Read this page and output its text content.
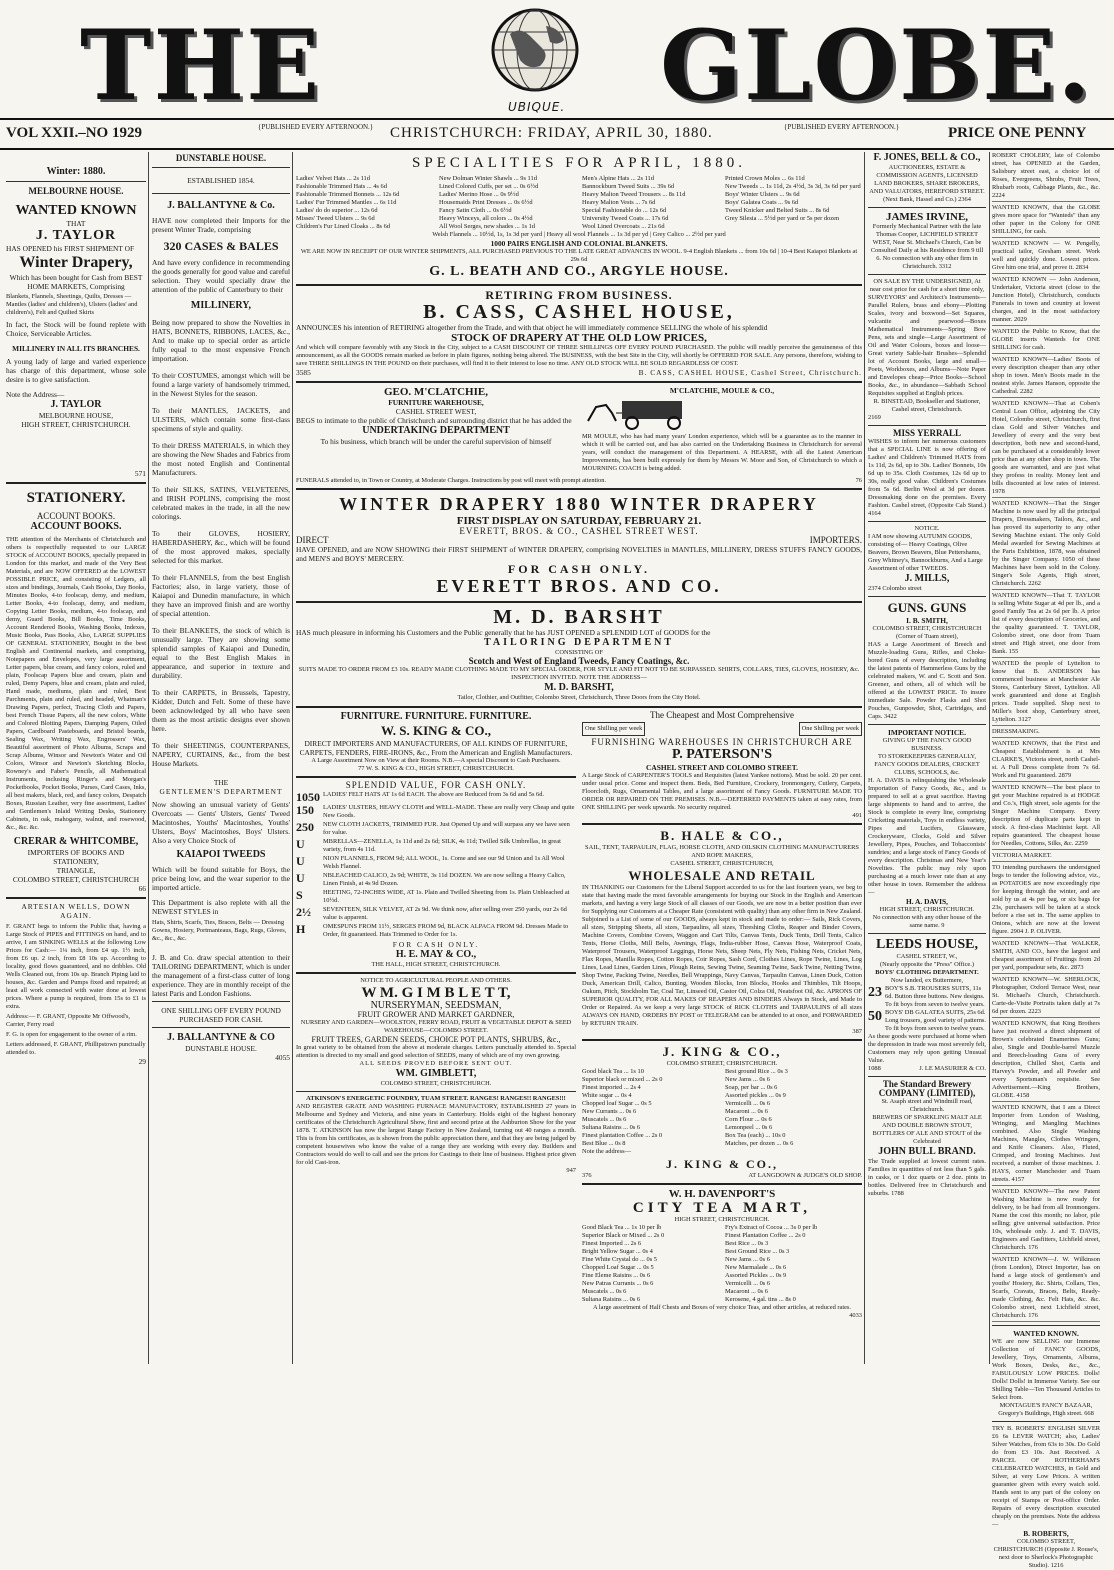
THE	GLOBE.
UBIQUE.
VOL XXII.–NO 1929	{PUBLISHED EVERY AFTERNOON.} CHRISTCHURCH: FRIDAY, APRIL 30, 1880.	{PUBLISHED EVERY AFTERNOON.}	PRICE ONE PENNY
Winter: 1880.
MELBOURNE HOUSE.
WANTED KNOWN
THAT
J. TAYLOR
HAS OPENED his FIRST SHIPMENT OF
Winter Drapery,
Which has been bought for Cash from BEST HOME MARKETS, Comprising
Blankets, Flannels, Sheetings, Quilts, Dresses — Mantles (ladies' and children's), Ulsters (ladies' and children's), Felt and Quilted Skirts
In fact, the Stock will be found replete with Choice, Serviceable Articles.
MILLINERY IN ALL ITS BRANCHES.
A young lady of large and varied experience has charge of this department, whose sole desire is to give satisfaction.
Note the Address—
J. TAYLOR
MELBOURNE HOUSE,
HIGH STREET, CHRISTCHURCH.
571
STATIONERY.
ACCOUNT BOOKS.
ACCOUNT BOOKS.
THE attention of the Merchants of Christchurch and others is respectfully requested to our LARGE STOCK of ACCOUNT BOOKS, specially prepared in London for this market, and made of the Very Best Materials, and are NOW OFFERED at the LOWEST POSSIBLE PRICE, and consisting of Ledgers, all sizes and bindings, Journals, Cash Books, Day Books, Minutes Books, 4-to foolscap, demy, and medium, Letter Books, 4-to foolscap, demy, and medium, Copying Letter Books, medium, 4-to foolscap, and demy, Guard Books, Bill Books, Time Books, Account Rendered Books, Washing Books, Indexes, Music Books, Pass Books, Also, LARGE SUPPLIES OF GENERAL STATIONERY, Bought in the best English and Continental markets, and comprising, Notepapers and Envelopes, very large assortment, Letter papers, blue cream, and fancy colors, ruled and plain, Foolscap Papers blue and cream, plain and ruled, Demy Papers, blue and cream, plain and ruled, Hand made, mediums, plain and ruled, Best Parchments, plain and ruled, and headed, Whatman's Drawing Papers, perfect, Tracing Cloth and Papers, best French Tissue Papers, all the new colors, White and Colored Blotting Papers, Damping Papers, Oiled Papers, Cardboard Pasteboards, and Bristol boards, Sealing Wax, Writing Wax, Engrossers' Wax, Beautiful assortment of Photo Albums, Scraps and Scrap Albums, Winsor and Newton's Water and Oil Colors, Winsor and Newton's Sketching Blocks, Rowney's and Faber's Pencils, all Mathematical Instruments, inclusing Ringer's and Morgan's Pocketbooks, Pocket Books, Purses, Card Cases, Inks, all best makers, black, red, and fancy colors, Despatch Boxes, Russian Leather, very fine assortment, Ladies' and Gentlemen's Inlaid Writing Desks, Stationery Cabinets, in oak, mahogany, walnut, and rosewood, &c., &c. &c.
CRERAR & WHITCOMBE,
IMPORTERS OF BOOKS AND STATIONERY,
TRIANGLE,
COLOMBO STREET, CHRISTCHURCH
66
ARTESIAN WELLS, DOWN AGAIN.
F. GRANT begs to inform the Public that, having a Large Stock of PIPES and FITTINGS on hand, and to arrive, I am SINKING WELLS at the following Low Prices for Cash:— 1¼ inch, from £4 up. 1½ inch, from £6 up. 2 inch, from £8 10s up. According to locality, good flows guaranteed, and no dribbles. Old Wells Cleaned out, from 10s up. Branch Piping laid to houses, &c. Garden and Pumps fixed and repaired; at least all work connected with water done at lowest prices. Where a pump is required, from 15s to £1 is extra.
Address:— F. GRANT, Opposite Mr Offwood's, Carrier, Ferry road
F. G. is open for engagement to the owner of a rim.
Letters addressed, F. GRANT, Phillipstown punctually attended to.
29
DUNSTABLE HOUSE.
ESTABLISHED 1854.
J. BALLANTYNE & Co.
HAVE now completed their Imports for the present Winter Trade, comprising
320 CASES & BALES
And have every confidence in recommending the goods generally for good value and careful selection. They would specially draw the attention of the public of Canterbury to their
MILLINERY,
Being now prepared to show the Novelties in HATS, BONNETS, RIBBONS, LACES, &c., And to make up to special order as article fully equal to the most expensive French importation.
To their COSTUMES, amongst which will be found a large variety of handsomely trimmed, in the Newest Styles for the season.
To their MANTLES, JACKETS, and ULSTERS, which contain some first-class specimens of style and quality.
To their DRESS MATERIALS, in which they are showing the New Shades and Fabrics from the most noted English and Continental Manufacturers.
To their SILKS, SATINS, VELVETEENS, and IRISH POPLINS, comprising the most celebrated makes in the trade, in all the new colorings.
To their GLOVES, HOSIERY, HABERDASHERY, &c., which will be found of the most approved makes, specially selected for this market.
To their FLANNELS, from the best English Factories; also, in large variety, those of Kaiapoi and Dunedin manufacture, in which they have an improved finish and are worthy of special attention.
To their BLANKETS, the stock of which is unusually large. They are showing some splendid samples of Kaiapoi and Dunedin, equal to the Best English Makes in appearance, and superior in texture and durability.
To their CARPETS, in Brussels, Tapestry, Kidder, Dutch and Felt. Some of these have been acknowledged by all who have seen them as the most artistic designs ever shown here.
To their SHEETINGS, COUNTERPANES, NAPERY, CURTAINS, &c., from the best House Markets.
THE
GENTLEMEN'S DEPARTMENT
Now showing an unusual variety of Gents' Overcoats — Gents' Ulsters, Gents' Tweed Macintoshes, Youths' Macintoshes, Youths' Ulsters, Boys' Macintoshes, Boys' Ulsters. Also a very Choice Stock of
KAIAPOI TWEEDS
Which will be found suitable for Boys, the price being low, and the wear superior to the imported article.
This Department is also replete with all the NEWEST STYLES in
Hats, Shirts, Scarfs, Ties, Braces, Belts — Dressing Gowns, Hosiery, Portmanteaus, Bags, Rugs, Gloves, &c., &c., &c.
J. B. and Co. draw special attention to their TAILORING DEPARTMENT, which is under the management of a first-class cutter of long experience. They are in monthly receipt of the latest Paris and London Fashions.
ONE SHILLING OFF EVERY POUND PURCHASED FOR CASH.
J. BALLANTYNE & CO
DUNSTABLE HOUSE.
4055
SPECIALITIES FOR APRIL, 1880.
Ladies' Velvet Hats ... 2s 11d
Fashionable Trimmed Hats ... 4s 6d
Fashionable Trimmed Bonnets ... 12s 6d
Ladies' Fur Trimmed Mantles ... 6s 11d
Ladies' do do superior ... 12s 6d
Misses' Tweed Ulsters ... 9s 6d
Children's Fur Lined Cloaks ... 8s 6d
New Dolman Winter Shawls ... 9s 11d
Lined Colored Cuffs, per set ... 0s 6½d
Ladies' Merino Hose ... 0s 9½d
Housemaids Print Dresses ... 0s 6½d
Fancy Satin Cloth ... 0s 6½d
Heavy Winceys, all colors ... 0s 4½d
All Wool Serges, new shades ... 1s 1d
Men's Alpine Hats ... 2s 11d
Bannockburn Tweed Suits ... 39s 6d
Heavy Malton Tweed Trousers ... 8s 11d
Heavy Malton Vests ... 7s 6d
Special Fashionable do ... 12s 6d
University Tweed Coats ... 17s 6d
Wool Lined Overcoats ... 21s 6d
Printed Crown Moles ... 6s 11d
New Tweeds ... 1s 11d, 2s 4½d, 3s 3d, 3s 6d per yard
Boys' Winter Ulsters ... 9s 6d
Boys' Galatea Coats ... 9s 6d
Tweed Knicker and Belted Suits ... 8s 6d
Grey Silesia ... 5½d per yard or 5s per dozen
Welsh Flannels ... 10½d, 1s, 1s 3d per yard | Heavy all wool Flannels ... 1s 3d per yd | Grey Calico ... 2½d per yard
1000 PAIRS ENGLISH AND COLONIAL BLANKETS.
WE ARE NOW IN RECEIPT OF OUR WINTER SHIPMENTS, ALL PURCHASED PREVIOUS TO THE LATE GREAT ADVANCES IN WOOL. 9-4 English Blankets ... from 10s 6d | 10-4 Best Kaiapoi Blankets at 29s 6d
G. L. BEATH AND CO., ARGYLE HOUSE.
RETIRING FROM BUSINESS.
B. CASS, CASHEL HOUSE,
ANNOUNCES his intention of RETIRING altogether from the Trade, and with that object he will immediately commence SELLING the whole of his splendid
STOCK OF DRAPERY AT THE OLD LOW PRICES,
And which will compare favorably with any Stock in the City, subject to a CASH DISCOUNT OF THREE SHILLINGS OFF EVERY POUND PURCHASED. The public will readily perceive the genuineness of this announcement, as all the GOODS remain marked as before in plain figures, nothing being altered. The BUSINESS, with the best Site in the City, will shortly be OFFERED FOR SALE. Any persons, therefore, wishing to save THREE SHILLINGS IN THE POUND on their purchases, will find it to their interest to lose no time. ANY OLD STOCK WILL BE SOLD REGARDLESS OF COST.
3585	B. CASS, CASHEL HOUSE, Cashel Street, Christchurch.
GEO. M'CLATCHIE,
FURNITURE WAREHOUSE,
CASHEL STREET WEST,
BEGS to intimate to the public of Christchurch and surrounding district that he has added the
UNDERTAKING DEPARTMENT
To his business, which branch will be under the careful supervision of himself
M'CLATCHIE, MOULE & CO.,
MR MOULE, who has had many years' London experience, which will be a guarantee as to the manner in which it will be carried out, and has also carried on the Undertaking Business in Christchurch for several years, will conduct the management of this Department. A HEARSE, with all the Latest American Improvements, has been built expressly for them by Messrs W. Moor and Son, of Christchurch to which a MOURNING COACH is being added.
FUNERALS attended to, in Town or Country, at Moderate Charges. Instructions by post will meet with prompt attention.	76
WINTER DRAPERY 1880 WINTER DRAPERY
FIRST DISPLAY ON SATURDAY, FEBRUARY 21.
EVERETT, BROS. & CO., CASHEL STREET WEST.
DIRECT	IMPORTERS.
HAVE OPENED, and are NOW SHOWING their FIRST SHIPMENT of WINTER DRAPERY, comprising NOVELTIES in MANTLES, MILLINERY, DRESS STUFFS FANCY GOODS, and MEN'S and BOYS' MERCERY.
FOR CASH ONLY.
EVERETT BROS. AND CO.
M. D. BARSHT
HAS much pleasure in informing his Customers and the Public generally that he has JUST OPENED a SPLENDID LOT of GOODS for the
TAILORING DEPARTMENT
CONSISTING OF
Scotch and West of England Tweeds, Fancy Coatings, &c.
SUITS MADE TO ORDER FROM £3 10s. READY MADE CLOTHING MADE TO MY SPECIAL ORDER, FOR STYLE AND FIT NOT TO BE SURPASSED. SHIRTS, COLLARS, TIES, GLOVES, HOSIERY, &c. INSPECTION INVITED. NOTE THE ADDRESS—
M. D. BARSHT,
Tailor, Clothier, and Outfitter, Colombo Street, Christchurch, Three Doors from the City Hotel.
FURNITURE. FURNITURE. FURNITURE.
W. S. KING & CO.,
DIRECT IMPORTERS AND MANUFACTURERS, OF ALL KINDS OF FURNITURE, CARPETS, FENDERS, FIRE-IRONS, &c., From the American and English Manufacturers.
A Large Assortment Now on View at their Rooms. N.B.—A special Discount to Cash Purchasers.
77 W. S. KING & CO., HIGH STREET, CHRISTCHURCH.
SPLENDID VALUE, FOR CASH ONLY.
1050 LADIES' FELT HATS AT 1s 6d EACH. The above are Reduced from 3s 6d and 5s 6d.
150	LADIES' ULSTERS, HEAVY CLOTH and WELL-MADE. These are really very Cheap and quite New Goods.
250	NEW CLOTH JACKETS, TRIMMED FUR. Just Opened Up and will surpass any we have seen for value.
U	MBRELLAS—ZENELLA, 1s 11d and 2s 6d; SILK, 4s 11d; Twilled Silk Umbrellas, in great variety, from 4s 11d.
U	NION FLANNELS, FROM 9d; ALL WOOL, 1s. Come and see our 9d Union and 1s All Wool Welsh Flannel.
U	NBLEACHED CALICO, 2s 9d; WHITE, 3s 11d DOZEN. We are now selling a Heavy Calico, Linen Finish, at 4s 9d Dozen.
S	HEETING, 72-INCHES WIDE, AT 1s. Plain and Twilled Sheeting from 1s. Plain Unbleached at 10½d.
2½	SEVENTEEN, SILK VELVET, AT 2s 9d. We think now, after selling over 250 yards, our 2s 6d value is apparent.
H	OMESPUNS FROM 11½, SERGES FROM 9d, BLACK ALPACA FROM 9d. Dresses Made to Order, fit guaranteed. Hats Trimmed to Order for 1s.
FOR CASH ONLY.
H. E. MAY & CO.,
THE HALL, HIGH STREET, CHRISTCHURCH.
NOTICE TO AGRICULTURAL PEOPLE AND OTHERS.
W M. G I M B L E T T,
NURSERYMAN, SEEDSMAN,
FRUIT GROWER AND MARKET GARDNER,
NURSERY AND GARDEN—WOOLSTON, FERRY ROAD, FRUIT & VEGETABLE DEPOT & SEED WAREHOUSE—COLOMBO STREET.
FRUIT TREES, GARDEN SEEDS, CHOICE POT PLANTS, SHRUBS, &c.,
In great variety to be obtained from the above at moderate charges. Letters punctually attended to. Special attention is directed to my small and good selection of SEEDS, many of which are of my own growing.
ALL SEEDS PROVED BEFORE SENT OUT.
WM. GIMBLETT,
COLOMBO STREET, CHRISTCHURCH.
ATKINSON'S ENERGETIC FOUNDRY, TUAM STREET. RANGES! RANGES!! RANGES!!!
AND REGISTER GRATE AND WASHING FURNACE MANUFACTORY, ESTABLISHED 27 years in Melbourne and Sydney and Victoria, and nine years in Canterbury. Holds eight of the highest honorary certificates of the Christchurch Agricultural Show, first and second prize at the Ashburton Show for the year 1878. T. ATKINSON has now the largest Range Factory in New Zealand, turning out 40 ranges a month. This is from his certificates, as is shown from the public appreciation there, and that they are being judged by competent housewives who know the value of a range they are working with every day. Builders and Contractors would do well to call and see the prices for Castings to their line of business. Highest price given for old Cast-iron.
947
The Cheapest and Most Comprehensive
One Shilling per week	One Shilling per week
FURNISHING WAREHOUSES IN CHRISTCHURCH ARE
P. PATERSON'S
CASHEL STREET AND COLOMBO STREET.
A Large Stock of CARPENTER'S TOOLS and Requisites (latest Yankee notions). Must be sold. 20 per cent. under usual price. Come and inspect them. Beds, Bed Furniture, Crockery, Ironmongery, Cutlery, Carpets, Floorcloth, Rugs, Ornamental Tables, and a large assortment of Fancy Goods. FURNITURE MADE TO ORDER OR REPAIRED ON THE PREMISES. N.B.—DEFERRED PAYMENTS taken at easy rates, from ONE SHILLING per week upwards. No security required.
491
B. HALE & CO.,
SAIL, TENT, TARPAULIN, FLAG, HORSE CLOTH, AND OILSKIN CLOTHING MANUFACTURERS AND ROPE MAKERS,
CASHEL STREET, CHRISTCHURCH,
WHOLESALE AND RETAIL
IN THANKING our Customers for the Liberal Support accorded to us for the last fourteen years, we beg to state that having made the most favorable arrangements for buying our Stock in the English and American markets, and having a very large Stock of all classes of our Goods, we are now in a better position than ever for Supplying our Customers at a Cheaper Rate (consistent with quality) than any other firm in New Zealand. Subjoined is a List of some of our GOODS, always kept in stock and made to order:— Sails, Rick Covers, all sizes, Stripping Sheets, all sizes, Tarpaulins, all sizes, Threshing Cloths, Reaper and Binder Covers, Machine Covers, Combine Covers, Waggon and Cart Tilts, Canvas Tents, Duck Tents, Drill Tents, Calico Tents, Horse Cloths, Mill Belts, Awnings, Flags, India-rubber Hose, Canvas Hose, Waterproof Coats, Waterproof Trousers, Waterproof Leggings, Horse Nets, Sheep Nets, Fly Nets, Fishing Nets, Cricket Nets, Flax Ropes, Manilla Ropes, Cotton Ropes, Coir Ropes, Sash Cord, Clothes Lines, Rope Twine, Lines, Log Lines, Lead Lines, Garden Lines, Plough Reins, Sewing Twine, Seaming Twine, Sack Twine, Netting Twine, Shop Twine, Packing Twine, Needles, Bell Wrappings, Navy Canvas, Tarpaulin Canvas, Linen Duck, Cotton Duck, American Drill, Calico, Bunting, Wooden Blocks, Iron Blocks, Hooks and Thimbles, Tilt Hoops, Oakum, Pitch, Stockholm Tar, Coal Tar, Linseed Oil, Castor Oil, Colza Oil, Neatsfoot Oil, &c. APRONS OF SUPERIOR QUALITY, FOR ALL MAKES OF REAPERS AND BINDERS Always in Stock, and Made to Order or Repaired. As we keep a very large STOCK of RICK CLOTHS and TARPAULINS of all sizes ALWAYS ON HAND, ORDERS BY POST or TELEGRAM can be attended to at once, and FORWARDED by RETURN TRAIN.
387
J. KING & CO.,
COLOMBO STREET, CHRISTCHURCH.
Good black Tea ... 1s 10
Superior black or mixed ... 2s 0
Finest imported ... 2s 4
White sugar ... 0s 4
Chopped loaf Sugar ... 0s 5
New Currants ... 0s 6
Muscatels ... 0s 6
Sultana Raisins ... 0s 6
Finest plantation Coffee ... 2s 0
Best Blue ... 0s 8
Best ground Rice ... 0s 3
New Jams ... 0s 6
Soap, per bar ... 0s 6
Assorted pickles ... 0s 9
Vermicelli ... 0s 6
Macaroni ... 0s 6
Corn Flour ... 0s 6
Lemonpeel ... 0s 6
Box Tea (each) ... 10s 0
Matches, per dozen ... 0s 6
Note the address—
J. KING & CO.,
376	AT LANGDOWN & JUDGE'S OLD SHOP.
W. H. DAVENPORT'S
CITY TEA MART,
HIGH STREET, CHRISTCHURCH.
Good Black Tea ... 1s 10 per lb
Superior Black or Mixed ... 2s 0
Finest Imported ... 2s 6
Bright Yellow Sugar ... 0s 4
Fine White Crystal do ... 0s 5
Chopped Loaf Sugar ... 0s 5
Fine Eleme Raisins ... 0s 6
New Patras Currants ... 0s 6
Muscatels ... 0s 6
Sultana Raisins ... 0s 6
Fry's Extract of Cocoa ... 3s 0 per lb
Finest Plantation Coffee ... 2s 0
Best Rice ... 0s 3
Best Ground Rice ... 0s 3
New Jams ... 0s 6
New Marmalade ... 0s 6
Assorted Pickles ... 0s 9
Vermicelli ... 0s 6
Macaroni ... 0s 6
Kerosene, 4 gal. tins ... 8s 0
A large assortment of Half Chests and Boxes of very choice Teas, and other articles, at reduced rates.
4033
F. JONES, BELL & CO.,
AUCTIONEERS, ESTATE & COMMISSION AGENTS, LICENSED LAND BROKERS, SHARE BROKERS, AND VALUATORS, HEREFORD STREET.
(Next Bank, Hassel and Co.) 2364
JAMES IRVINE,
Formerly Mechanical Partner with the late Thomas Cooper, LICHFIELD STREET WEST, Near St. Michael's Church, Can be Consulted Daily at his Residence from 9 till 6. No connection with any other firm in Christchurch. 3312
ON SALE BY THE UNDERSIGNED, At near cost price for cash for a short time only,
SURVEYORS' and Architect's Instruments—Parallel Rulers, brass and ebony—Plotting Scales, ivory and boxwood—Set Squares, vulcanite and pearwood—Boxes Mathematical Instruments—Spring Bow Pens, sets and single—Large Assortment of Oil and Water Colours, boxes and loose—Great variety Sable-hair Brushes—Splendid lot of Account Books, large and small—Poets, Workboxes, and Albums—Note Paper and Envelopes cheap—Price Books—School Books, &c., in abundance—Sabbath School Requisites supplied at English prices.
R. BINSTEAD, Bookseller and Stationer, Cashel street, Christchurch.
2169
MISS YERRALL
WISHES to inform her numerous customers that a SPECIAL LINE is now offering of Ladies' and Children's Trimmed HATS from 1s 11d, 2s 6d, up to 30s. Ladies' Bonnets, 10s 6d up to 35s. Cloth Costumes, 12s 6d up to 30s, really good value. Children's Costumes from 5s 6d. Berlin Wool at 3d per dozen. Dressmaking done on the premises. Every Fashion. Cashel street, (Opposite Cab Stand.) 4164
NOTICE.
I AM now showing AUTUMN GOODS, consisting of— Heavy Coatings, Olive Beavers, Brown Beavers, Blue Pettershams, Grey Whitney's, Bannockburns, And a Large Assortment of other TWEEDS.
J. MILLS,
2374 Colombo street
GUNS. GUNS
I. B. SMITH,
COLOMBO STREET, CHRISTCHURCH (Corner of Tuam street),
HAS a Large Assortment of Breech and Muzzle-loading Guns, Rifles, and Choke-bored Guns of every description, including the latest patents of Hammerless Guns by the celebrated makers, W. and C. Scott and Son. Greener, and others, all of which will be offered at the LOWEST PRICE. To insure immediate Sale. Powder Flasks and Shot Pouches, Gunpowder, Shot, Cartridges, and Caps. 3422
IMPORTANT NOTICE.
GIVING UP THE FANCY GOOD BUSINESS.
TO STOREKEEPERS GENERALLY, FANCY GOODS DEALERS, CRICKET CLUBS, SCHOOLS, &c.
H. A. DAVIS is relinquishing the Wholesale Importation of Fancy Goods, &c., and is prepared to sell at a great sacrifice. Having large shipments to hand and to arrive, the Stock is complete in every line, comprising Cricketing materials, Toys in endless variety, Pipes and Lucifers, Glassware, Crockeryware, Clocks, Gold and Silver Jewellery, Pipes, Pouches, and Tobacconists' sundries; and a large stock of Fancy Goods of every description. Christmas and New Year's Novelties. The public may rely upon purchasing at a much lower rate than at any other house in town. Remember the address—
H. A. DAVIS,
HIGH STREET, CHRISTCHURCH.
No connection with any other house of the same name. 9
LEEDS HOUSE,
CASHEL STREET, W.,
(Nearly opposite the "Press" Office.)
BOYS' CLOTHING DEPARTMENT.
Now landed, ex Buttermere,
23 BOY'S S.B. TROUSERS SUITS, 11s 6d. Button three buttons. New designs. To fit boys from seven to twelve years.
50 BOYS' DB GALATEA SUITS, 25s 6d. Long trousers, good variety of patterns. To fit boys from seven to twelve years.
As these goods were purchased at home when the depression in trade was most severely felt, Customers may rely upon getting Unusual Value.
1088	J. LE MASURIER & CO.
The Standard Brewery COMPANY (LIMITED),
St. Asaph street and Windmill road, Christchurch.
BREWERS OF SPARKLING MALT ALE AND DOUBLE BROWN STOUT, BOTTLERS OF ALE AND STOUT of the Celebrated
JOHN BULL BRAND.
The Trade supplied at lowest current rates. Families in quantities of not less than 5 gals. in casks, or 1 doz quarts or 2 doz. pints in bottles. Delivered free in Christchurch and suburbs. 1788
ROBERT CHOLERY, late of Colombo street, has OPENED at the Garden, Salisbury street east, a choice lot of Roses, Evergreens, Shrubs, Fruit Trees, Rhubarb roots, Cabbage Plants, &c., &c. 2224
WANTED KNOWN, that the GLOBE gives more space for "Wanteds" than any other paper in the Colony for ONE SHILLING, for cash.
WANTED KNOWN — W. Pengelly, practical tailor, Gresham street. Work well and quickly done. Lowest prices. Give him one trial, and prove it. 2834
WANTED KNOWN — John Anderson, Undertaker, Victoria street (close to the Junction Hotel), Christchurch, conducts Funerals in town and country at lowest charges, and in the most satisfactory manner. 2029
WANTED the Public to Know, that the GLOBE inserts Wanteds for ONE SHILLING for cash.
WANTED KNOWN—Ladies' Boots of every description cheaper than any other shop in town. Men's Boots made in the neatest style. James Hanson, opposite the Cathedral. 2282
WANTED KNOWN—That at Coben's Central Loan Office, adjoining the City Hotel, Colombo street, Christchurch, first class Gold and Silver Watches and Jewellery of every and the very best description, both new and second-hand, can be purchased at a considerably lower price than at any other shop in town. The goods are warranted, and are just what they profess in reality. Money lent and bills discounted at low rates of interest. 1978
WANTED KNOWN—That the Singer Machine is now used by all the principal Drapers, Dressmakers, Tailors, &c., and has proved its superiority to any other Sewing Machine extant. The only Gold Medal awarded for Sewing Machines at the Paris Exhibition, 1878, was obtained by the Singer Company. 1050 of these Machines have been sold in the Colony. Singer's Sole Agents, High street, Christchurch. 2262
WANTED KNOWN—That T. TAYLOR is selling White Sugar at 4d per lb., and a good Family Tea at 2s 6d per lb. A price list of every description of Groceries, and the quality guaranteed. T. TAYLOR, Colombo street, one door from Tuam street and High street, one door from Bank. 155
WANTED the people of Lyttelton to know that B. ANDERSON has commenced business at Manchester Ale Stores, Canterbury Street, Lyttelton. All work guaranteed and done at English prices. Trade supplied. Shop next to Miller's boot shop, Canterbury street, Lyttelton. 3127
DRESSMAKING.
WANTED KNOWN, that the First and Cheapest Establishment is at Mrs CLARKE'S, Victoria street, north Cashel-st. A Full Dress complete from 7s 6d. Work and Fit guaranteed. 2879
WANTED KNOWN—The best place to get your Machine repaired is at HODGE and Co.'s, High street, sole agents for the Singer Machine Company. Every description of duplicate parts kept in stock. A first-class Machinist kept. All repairs guaranteed. The cheapest house for Needles, Cottons, Silks, &c. 2259
VICTORIA MARKET.
TO intending purchasers the undersigned begs to tender the following advice, viz., as POTATOES are now exceedingly ripe for keeping through the winter, and are sold by us at 4s per bag, or six bags for 23s, purchasers will be taken at a stock before a rise set in. The same applies to Onions, which are now at the lowest figure. 2904 J. P. OLIVER.
WANTED KNOWN—That WALKER, SMITH, AND CO., have the largest and cheapest assortment of Fruitings from 2d per yard, pompadour sets, &c. 2873
WANTED KNOWN—W. SHERLOCK, Photographer, Oxford Terrace West, near St. Michael's Church, Christchurch. Carte-de-Visite Portraits taken daily at 7s 6d per dozen. 2223
WANTED KNOWN, that King Brothers have just received a direct shipment of Brown's celebrated Enamerines Guns; also, Single and Double-barrel Muzzle and Breech-loading Guns of every description, Chilled Shot, Cartis and Harvey's Powder, and all Powder and every Sportsman's requisite. See Advertisement.—King Brothers, GLOBE. 4158
WANTED KNOWN, that I am a Direct Importer from London of Washing, Wringing, and Mangling Machines combined. Also Single Washing Machines, Mangles, Clothes Wringers, and Knife Cleaners. Also, Fluted, Crimped, and Ironing Machines. Just received, a number of those machines. J. HAYS, corner Manchester and Tuam streets. 4157
WANTED KNOWN—The new Patent Washing Machine is now ready for delivery, to be had from all Ironmongers. Name the cost this month; no labor, pile selling; give universal satisfaction. Price 10s, wholesale only. J. and T. DAVIS, Engineers and Gasfitters, Lichfield street, Christchurch. 176
WANTED KNOWN—J. W. Wilkinson (from London), Direct Importer, has on hand a large stock of gentlemen's and youths' Hosiery, &c. Shirts, Collars, Ties, Scarfs, Cravats, Braces, Belts, Ready-made Clothing, &c. Felt Hats, &c. &c. Colombo street, next Lichfield street, Christchurch. 176
WANTED KNOWN.
WE are now SELLING our Immense Collection of FANCY GOODS, Jewellery, Toys, Ornaments, Albums, Work Boxes, Desks, &c., &c., FABULOUSLY LOW PRICES. Dolls! Dolls! Dolls! in Immense Variety. See our Shilling Table—Ten Thousand Articles to Select from.
MONTAGUE'S FANCY BAZAAR, Gregory's Buildings, High street. 668
TRY B. ROBERTS' ENGLISH SILVER £6 6s LEVER WATCH; also, Ladies' Silver Watches, from 63s to 30s. Do Gold do from £3 10s. Just Received. A PARCEL OF ROTHERHAM'S CELEBRATED WATCHES, in Gold and Silver, at very Low Prices. A written guarantee given with every watch sold. Hands sent to any part of the colony on receipt of Stamps or Post-office Order. Repairs of every description executed cheaply on the premises. Note the address—
B. ROBERTS,
COLOMBO STREET, CHRISTCHURCH (Opposite J. Rouse's, next door to Sherlock's Photographic Studio). 1216
